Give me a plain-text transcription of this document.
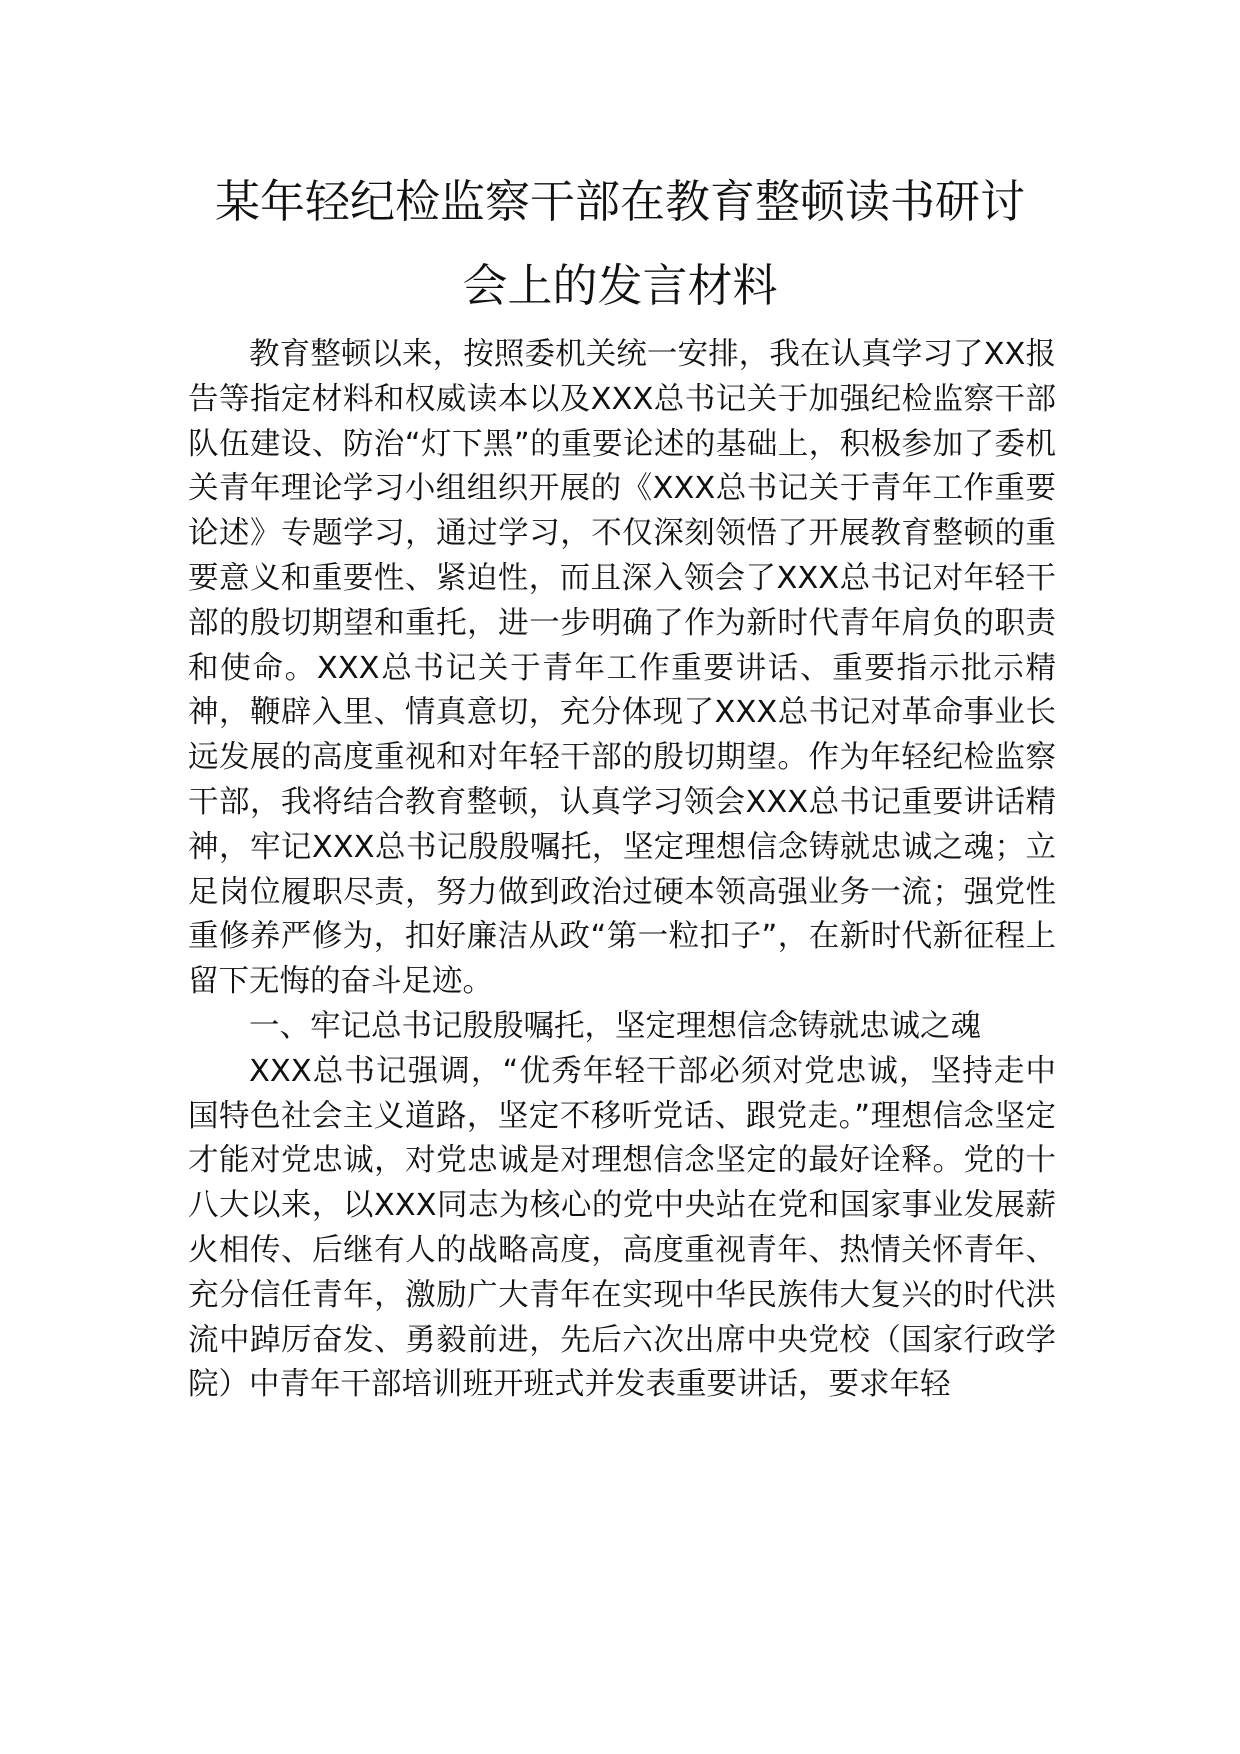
某年轻纪检监察干部在教育整顿读书研讨
会上的发言材料

教育整顿以来，按照委机关统一安排，我在认真学习了XX报告等指定材料和权威读本以及XXX总书记关于加强纪检监察干部队伍建设、防治“灯下黑”的重要论述的基础上，积极参加了委机关青年理论学习小组组织开展的《XXX总书记关于青年工作重要论述》专题学习，通过学习，不仅深刻领悟了开展教育整顿的重要意义和重要性、紧迫性，而且深入领会了XXX总书记对年轻干部的殷切期望和重托，进一步明确了作为新时代青年肩负的职责和使命。XXX总书记关于青年工作重要讲话、重要指示批示精神，鞭辟入里、情真意切，充分体现了XXX总书记对革命事业长远发展的高度重视和对年轻干部的殷切期望。作为年轻纪检监察干部，我将结合教育整顿，认真学习领会XXX总书记重要讲话精神，牢记XXX总书记殷殷嘱托，坚定理想信念铸就忠诚之魂；立足岗位履职尽责，努力做到政治过硬本领高强业务一流；强党性重修养严修为，扣好廉洁从政“第一粒扣子”，在新时代新征程上留下无悔的奋斗足迹。

一、牢记总书记殷殷嘱托，坚定理想信念铸就忠诚之魂

XXX总书记强调，“优秀年轻干部必须对党忠诚，坚持走中国特色社会主义道路，坚定不移听党话、跟党走。”理想信念坚定才能对党忠诚，对党忠诚是对理想信念坚定的最好诠释。党的十八大以来，以XXX同志为核心的党中央站在党和国家事业发展薪火相传、后继有人的战略高度，高度重视青年、热情关怀青年、充分信任青年，激励广大青年在实现中华民族伟大复兴的时代洪流中踔厉奋发、勇毅前进，先后六次出席中央党校（国家行政学院）中青年干部培训班开班式并发表重要讲话，要求年轻
